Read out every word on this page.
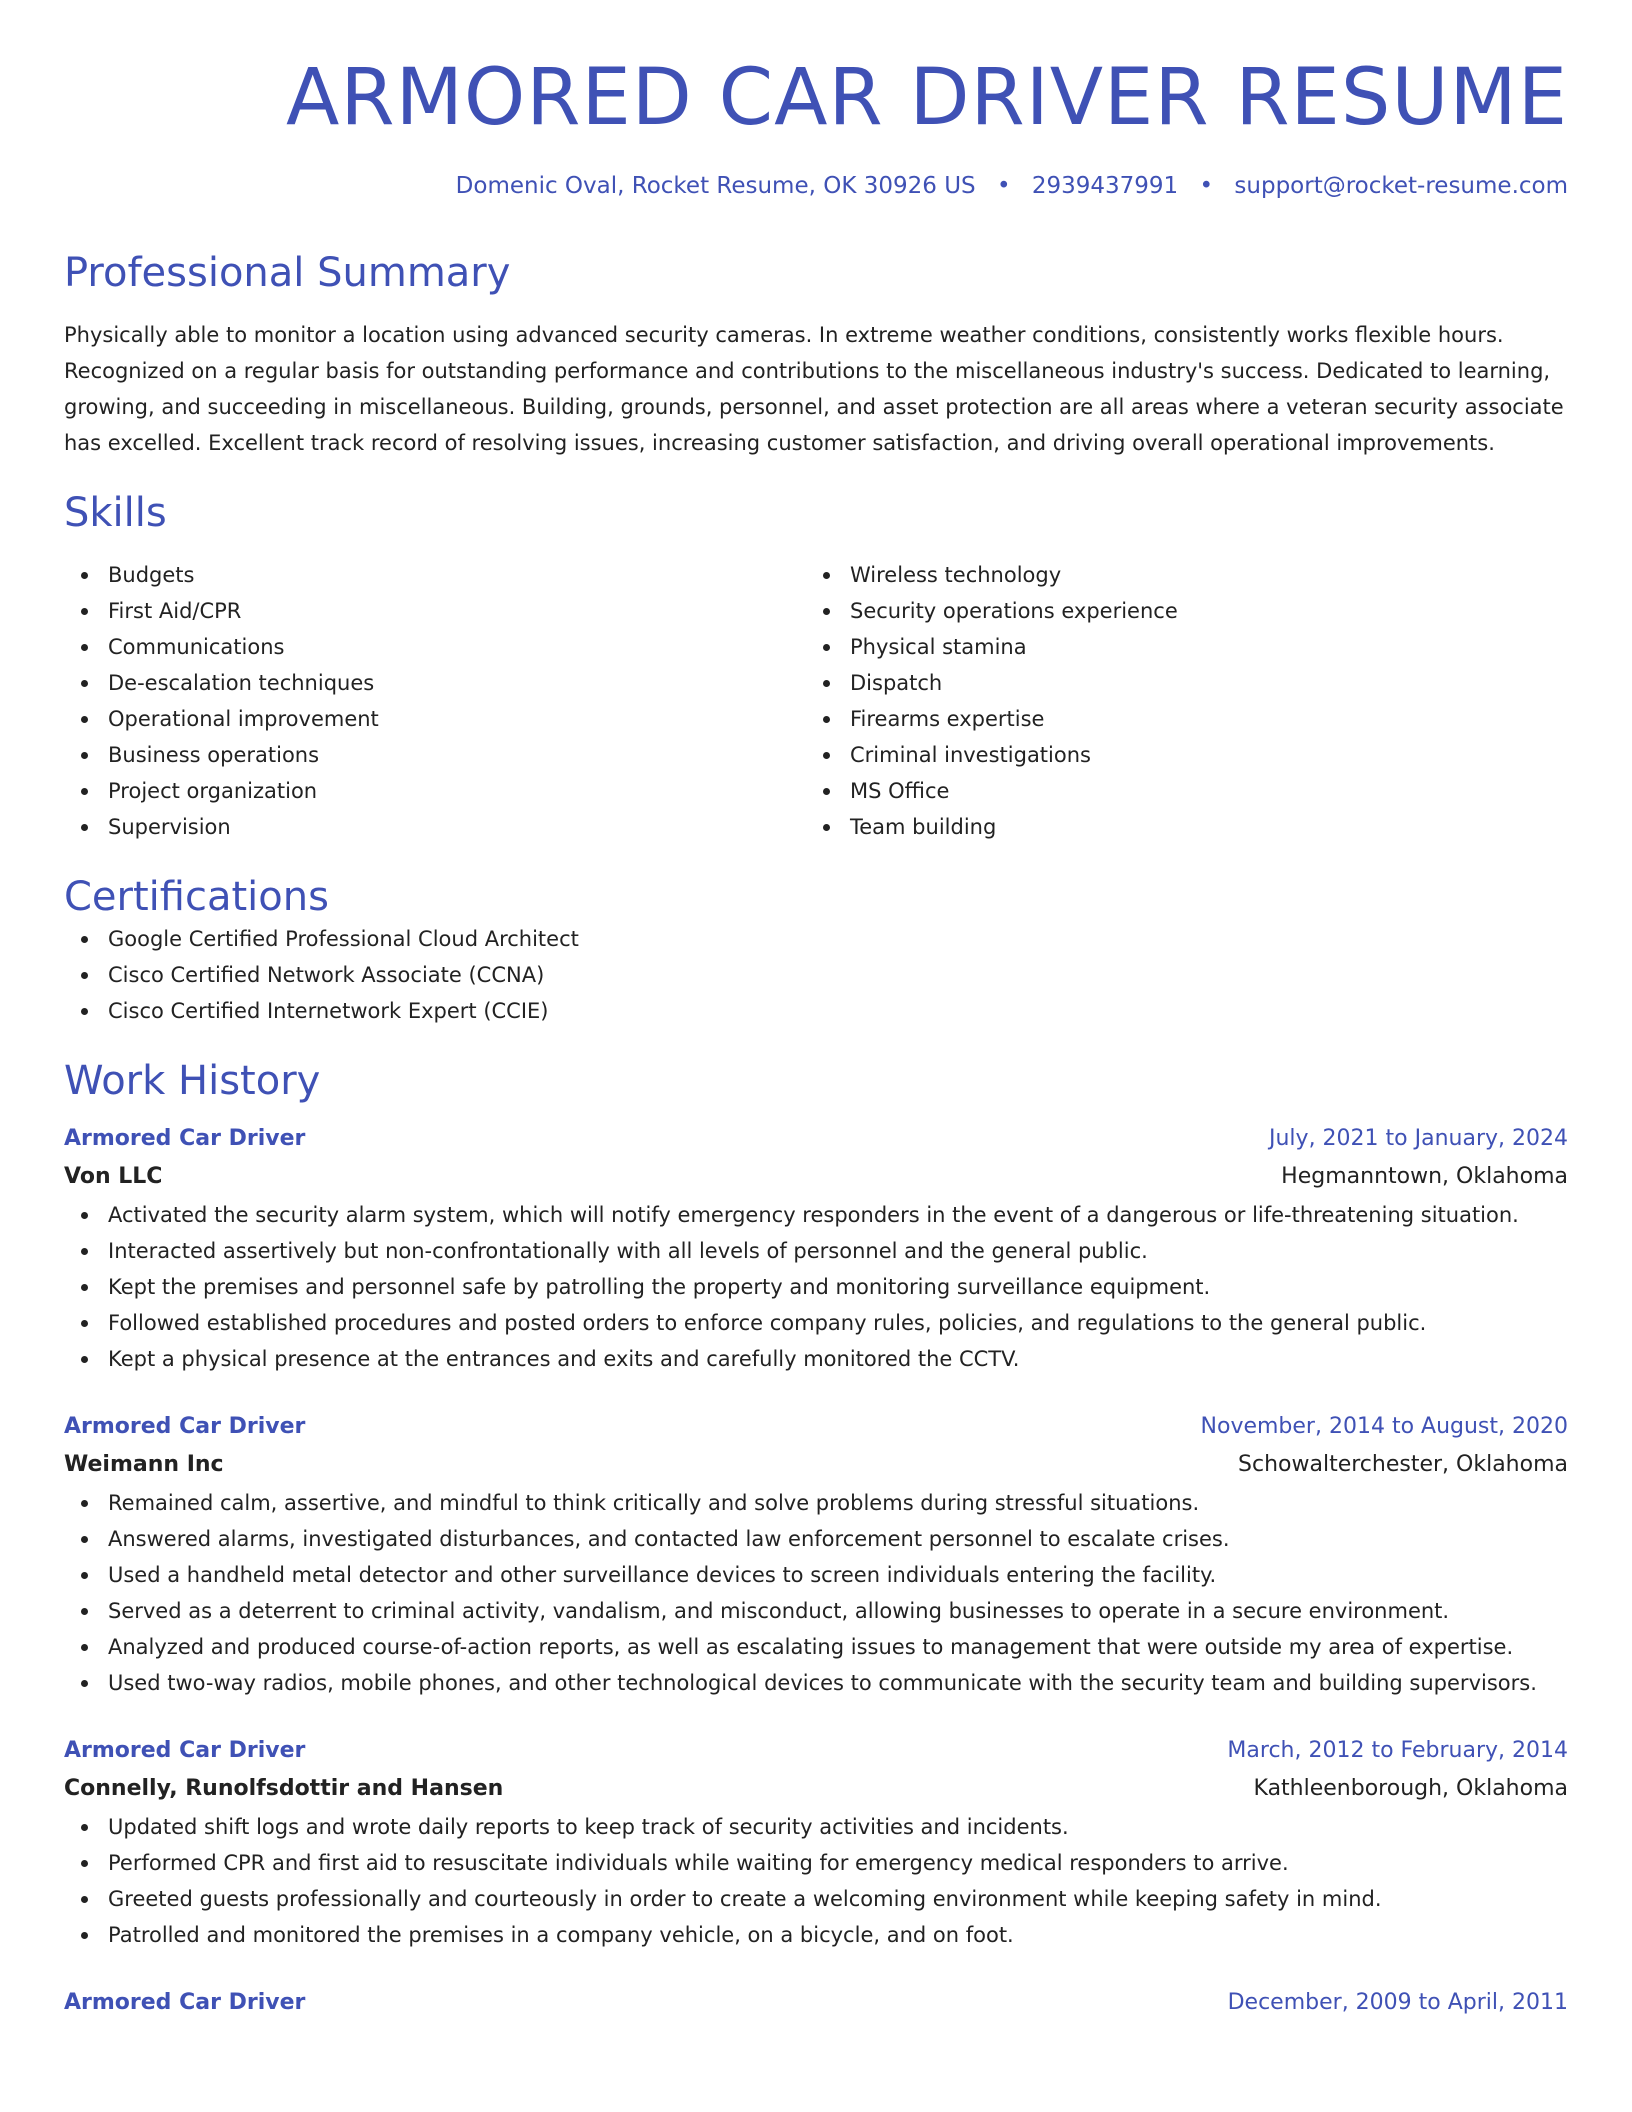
ARMORED CAR DRIVER RESUME
Domenic Oval, Rocket Resume, OK 30926 US • 2939437991 • support@rocket-resume.com
Professional Summary
Physically able to monitor a location using advanced security cameras. In extreme weather conditions, consistently works flexible hours. Recognized on a regular basis for outstanding performance and contributions to the miscellaneous industry's success. Dedicated to learning, growing, and succeeding in miscellaneous. Building, grounds, personnel, and asset protection are all areas where a veteran security associate has excelled. Excellent track record of resolving issues, increasing customer satisfaction, and driving overall operational improvements.
Skills
Budgets
First Aid/CPR
Communications
De-escalation techniques
Operational improvement
Business operations
Project organization
Supervision
Wireless technology
Security operations experience
Physical stamina
Dispatch
Firearms expertise
Criminal investigations
MS Office
Team building
Certifications
Google Certified Professional Cloud Architect
Cisco Certified Network Associate (CCNA)
Cisco Certified Internetwork Expert (CCIE)
Work History
Armored Car Driver	July, 2021 to January, 2024
Von LLC	Hegmanntown, Oklahoma
Activated the security alarm system, which will notify emergency responders in the event of a dangerous or life-threatening situation.
Interacted assertively but non-confrontationally with all levels of personnel and the general public.
Kept the premises and personnel safe by patrolling the property and monitoring surveillance equipment.
Followed established procedures and posted orders to enforce company rules, policies, and regulations to the general public.
Kept a physical presence at the entrances and exits and carefully monitored the CCTV.
Armored Car Driver	November, 2014 to August, 2020
Weimann Inc	Schowalterchester, Oklahoma
Remained calm, assertive, and mindful to think critically and solve problems during stressful situations.
Answered alarms, investigated disturbances, and contacted law enforcement personnel to escalate crises.
Used a handheld metal detector and other surveillance devices to screen individuals entering the facility.
Served as a deterrent to criminal activity, vandalism, and misconduct, allowing businesses to operate in a secure environment.
Analyzed and produced course-of-action reports, as well as escalating issues to management that were outside my area of expertise.
Used two-way radios, mobile phones, and other technological devices to communicate with the security team and building supervisors.
Armored Car Driver	March, 2012 to February, 2014
Connelly, Runolfsdottir and Hansen	Kathleenborough, Oklahoma
Updated shift logs and wrote daily reports to keep track of security activities and incidents.
Performed CPR and first aid to resuscitate individuals while waiting for emergency medical responders to arrive.
Greeted guests professionally and courteously in order to create a welcoming environment while keeping safety in mind.
Patrolled and monitored the premises in a company vehicle, on a bicycle, and on foot.
Armored Car Driver	December, 2009 to April, 2011
